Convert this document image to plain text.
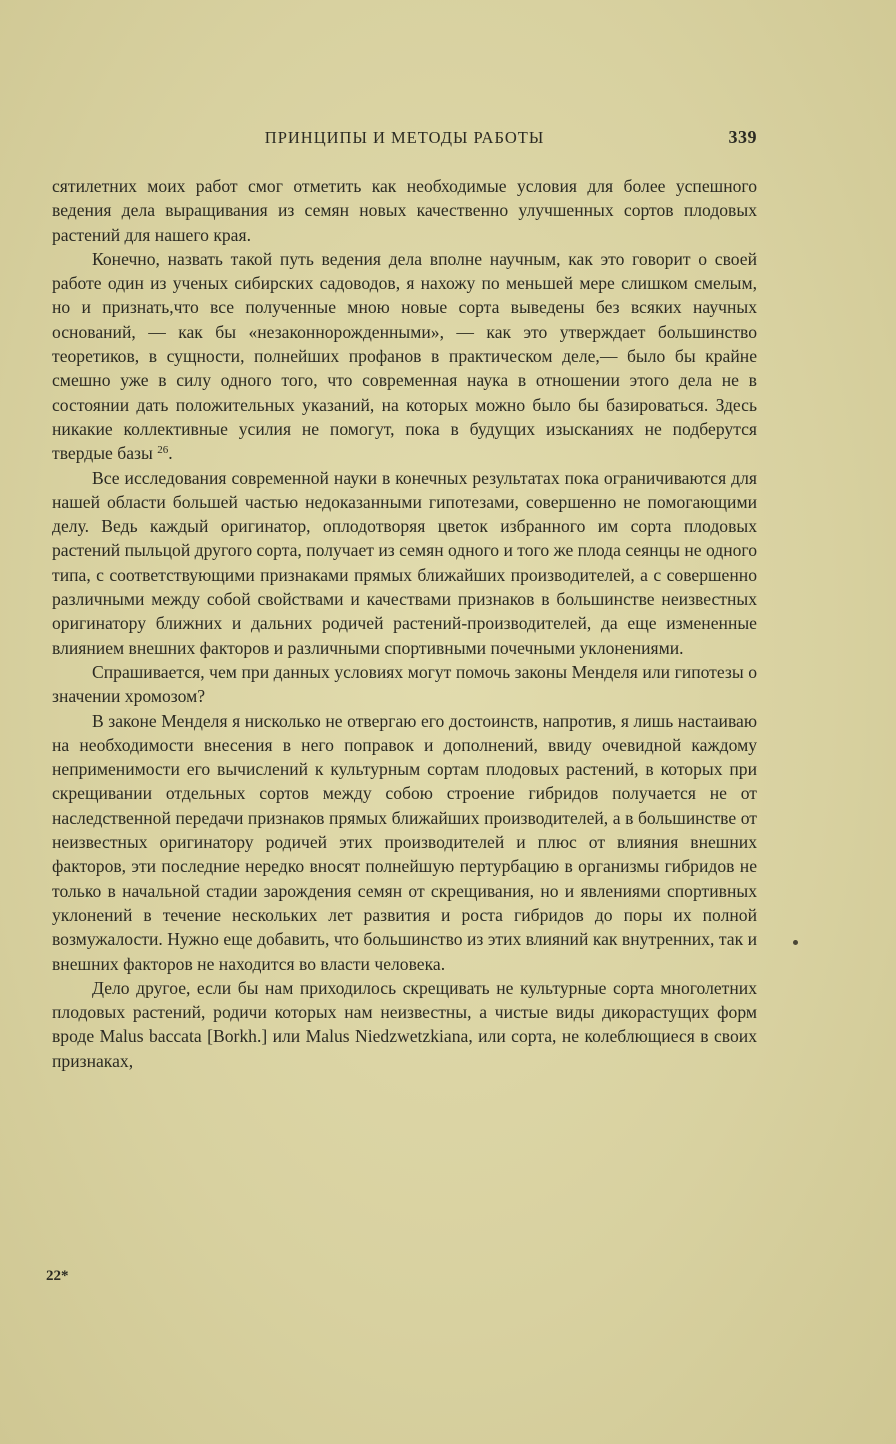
ПРИНЦИПЫ И МЕТОДЫ РАБОТЫ	339

сятилетних моих работ смог отметить как необходимые условия для более успешного ведения дела выращивания из семян новых качественно улучшенных сортов плодовых растений для нашего края.

Конечно, назвать такой путь ведения дела вполне научным, как это говорит о своей работе один из ученых сибирских садоводов, я нахожу по меньшей мере слишком смелым, но и признать,что все полученные мною новые сорта выведены без всяких научных оснований, — как бы «незаконнорожденными», — как это утверждает большинство теоретиков, в сущности, полнейших профанов в практическом деле,— было бы крайне смешно уже в силу одного того, что современная наука в отношении этого дела не в состоянии дать положительных указаний, на которых можно было бы базироваться. Здесь никакие коллективные усилия не помогут, пока в будущих изысканиях не подберутся твердые базы $^{26}$.

Все исследования современной науки в конечных результатах пока ограничиваются для нашей области большей частью недоказанными гипотезами, совершенно не помогающими делу. Ведь каждый оригинатор, оплодотворяя цветок избранного им сорта плодовых растений пыльцой другого сорта, получает из семян одного и того же плода сеянцы не одного типа, с соответствующими признаками прямых ближайших производителей, а с совершенно различными между собой свойствами и качествами признаков в большинстве неизвестных оригинатору ближних и дальних родичей растений-производителей, да еще измененные влиянием внешних факторов и различными спортивными почечными уклонениями.

Спрашивается, чем при данных условиях могут помочь законы Менделя или гипотезы о значении хромозом?

В законе Менделя я нисколько не отвергаю его достоинств, напротив, я лишь настаиваю на необходимости внесения в него поправок и дополнений, ввиду очевидной каждому неприменимости его вычислений к культурным сортам плодовых растений, в которых при скрещивании отдельных сортов между собою строение гибридов получается не от наследственной передачи признаков прямых ближайших производителей, а в большинстве от неизвестных оригинатору родичей этих производителей и плюс от влияния внешних факторов, эти последние нередко вносят полнейшую пертурбацию в организмы гибридов не только в начальной стадии зарождения семян от скрещивания, но и явлениями спортивных уклонений в течение нескольких лет развития и роста гибридов до поры их полной возмужалости. Нужно еще добавить, что большинство из этих влияний как внутренних, так и внешних факторов не находится во власти человека.

Дело другое, если бы нам приходилось скрещивать не культурные сорта многолетних плодовых растений, родичи которых нам неизвестны, а чистые виды дикорастущих форм вроде Malus baccata [Borkh.] или Malus Niedzwetzkiana, или сорта, не колеблющиеся в своих признаках,

22*
